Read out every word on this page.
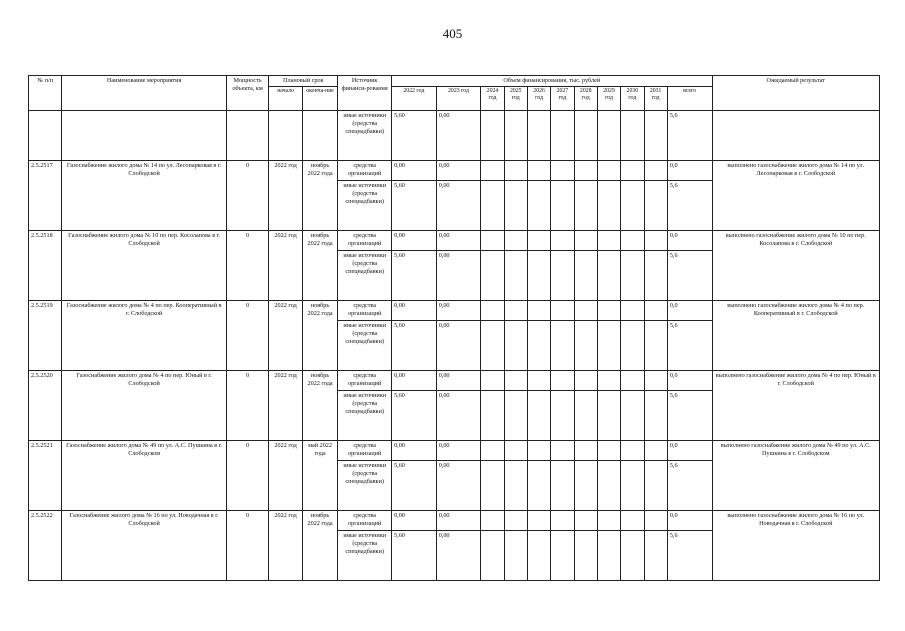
405
№ п/п	Наименование мероприятия	Мощность объекта, км	Плановый срок		Источник финанси-рования	Объем финансирования, тыс. рублей											Ожидаемый результат
			начало	оконча-ние		2022 год	2023 год	2024 год	2025 год	2026 год	2027 год	2028 год	2029 год	2030 год	2031 год	всего	
					иные источники (средства спецнадбавки)	5,60	0,00									5,6	
2.5.2517	Газоснабжение жилого дома № 14 по ул. Лесопарковая в г. Слободской	0	2022 год	ноябрь 2022 года	средства организаций	0,00	0,00									0,0	выполнено газоснабжение жилого дома № 14 по ул. Лесопарковая в г. Слободской
					иные источники (средства спецнадбавки)	5,60	0,00									5,6	
2.5.2518	Газоснабжение жилого дома № 10 по пер. Косолапова в г. Слободской	0	2022 год	ноябрь 2022 года	средства организаций	0,00	0,00									0,0	выполнено газоснабжение жилого дома № 10 по пер. Косолапова в г. Слободской
					иные источники (средства спецнадбавки)	5,60	0,00									5,6	
2.5.2519	Газоснабжение жилого дома № 4 по пер. Кооперативный в г. Слободской	0	2022 год	ноябрь 2022 года	средства организаций	0,00	0,00									0,0	выполнено газоснабжение жилого дома № 4 по пер. Кооперативный в г. Слободской
					иные источники (средства спецнадбавки)	5,60	0,00									5,6	
2.5.2520	Газоснабжение жилого дома № 4 по пер. Юный в г. Слободской	0	2022 год	ноябрь 2022 года	средства организаций	0,00	0,00									0,0	выполнено газоснабжение жилого дома № 4 по пер. Юный в г. Слободской
					иные источники (средства спецнадбавки)	5,60	0,00									5,6	
2.5.2521	Газоснабжение жилого дома № 49 по ул. А.С. Пушкина в г. Слободском	0	2022 год	май 2022 года	средства организаций	0,00	0,00									0,0	выполнено газоснабжение жилого дома № 49 по ул. А.С. Пушкина в г. Слободском
					иные источники (средства спецнадбавки)	5,60	0,00									5,6	
2.5.2522	Газоснабжение жилого дома № 16 по ул. Новодачная в г. Слободской	0	2022 год	ноябрь 2022 года	средства организаций	0,00	0,00									0,0	выполнено газоснабжение жилого дома № 16 по ул. Новодачная в г. Слободской
					иные источники (средства спецнадбавки)	5,60	0,00									5,6	
